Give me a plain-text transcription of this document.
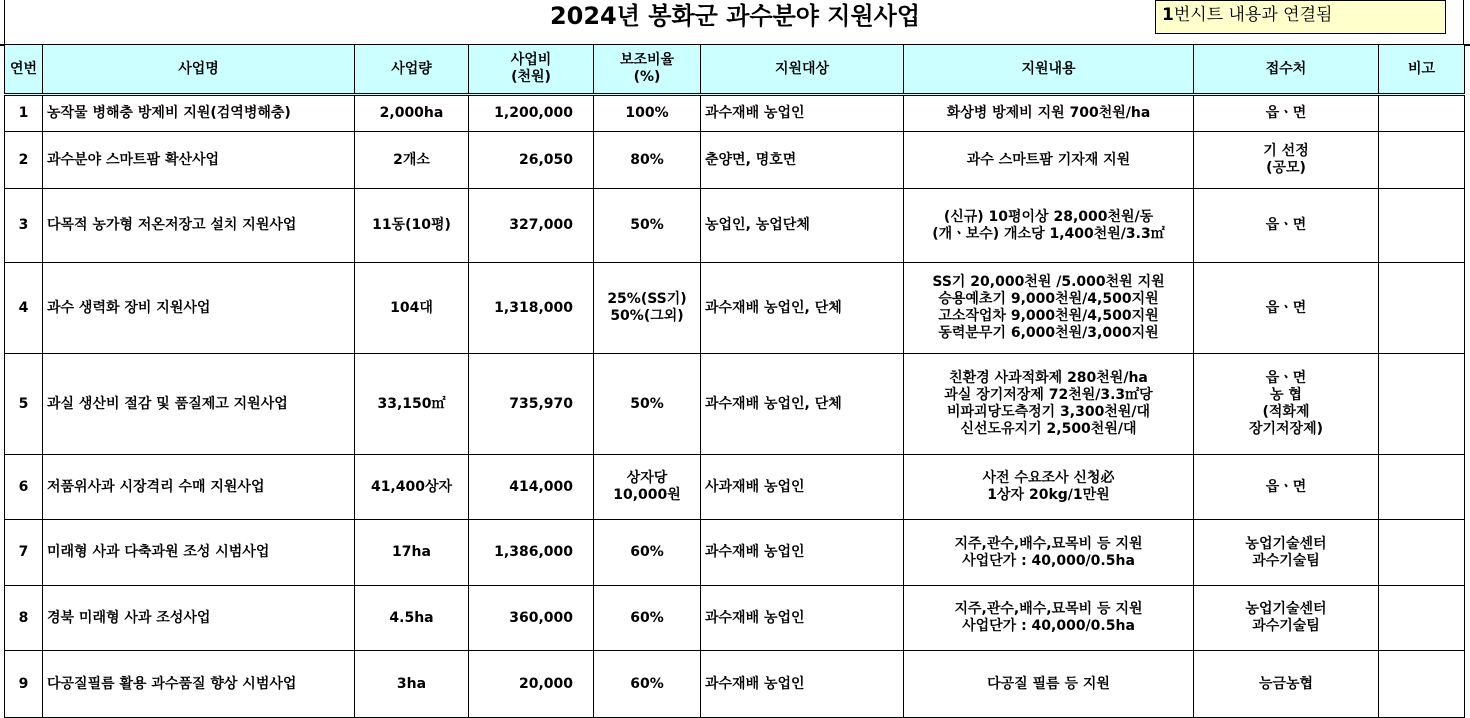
2024년 봉화군 과수분야 지원사업	1번시트 내용과 연결됨
연번	사업명	사업량	사업비
(천원)	보조비율
(%)	지원대상	지원내용	접수처	비고
1	농작물 병해충 방제비 지원(검역병해충)	2,000ha	1,200,000	100%	과수재배 농업인	화상병 방제비 지원 700천원/ha	읍ㆍ면	
2	과수분야 스마트팜 확산사업	2개소	26,050	80%	춘양면, 명호면	과수 스마트팜 기자재 지원	기 선정
(공모)	
3	다목적 농가형 저온저장고 설치 지원사업	11동(10평)	327,000	50%	농업인, 농업단체	(신규) 10평이상 28,000천원/동
(개ㆍ보수) 개소당 1,400천원/3.3㎡	읍ㆍ면	
4	과수 생력화 장비 지원사업	104대	1,318,000	25%(SS기)
50%(그외)	과수재배 농업인, 단체	SS기 20,000천원 /5.000천원 지원
승용예초기 9,000천원/4,500지원
고소작업차 9,000천원/4,500지원
동력분무기 6,000천원/3,000지원	읍ㆍ면	
5	과실 생산비 절감 및 품질제고 지원사업	33,150㎡	735,970	50%	과수재배 농업인, 단체	친환경 사과적화제 280천원/ha
과실 장기저장제 72천원/3.3㎡당
비파괴당도측정기 3,300천원/대
신선도유지기 2,500천원/대	읍ㆍ면
농 협
(적화제
장기저장제)	
6	저품위사과 시장격리 수매 지원사업	41,400상자	414,000	상자당
10,000원	사과재배 농업인	사전 수요조사 신청必
1상자 20kg/1만원	읍ㆍ면	
7	미래형 사과 다축과원 조성 시범사업	17ha	1,386,000	60%	과수재배 농업인	지주,관수,배수,묘목비 등 지원
사업단가 : 40,000/0.5ha	농업기술센터
과수기술팀	
8	경북 미래형 사과 조성사업	4.5ha	360,000	60%	과수재배 농업인	지주,관수,배수,묘목비 등 지원
사업단가 : 40,000/0.5ha	농업기술센터
과수기술팀	
9	다공질필름 활용 과수품질 향상 시범사업	3ha	20,000	60%	과수재배 농업인	다공질 필름 등 지원	능금농협	
